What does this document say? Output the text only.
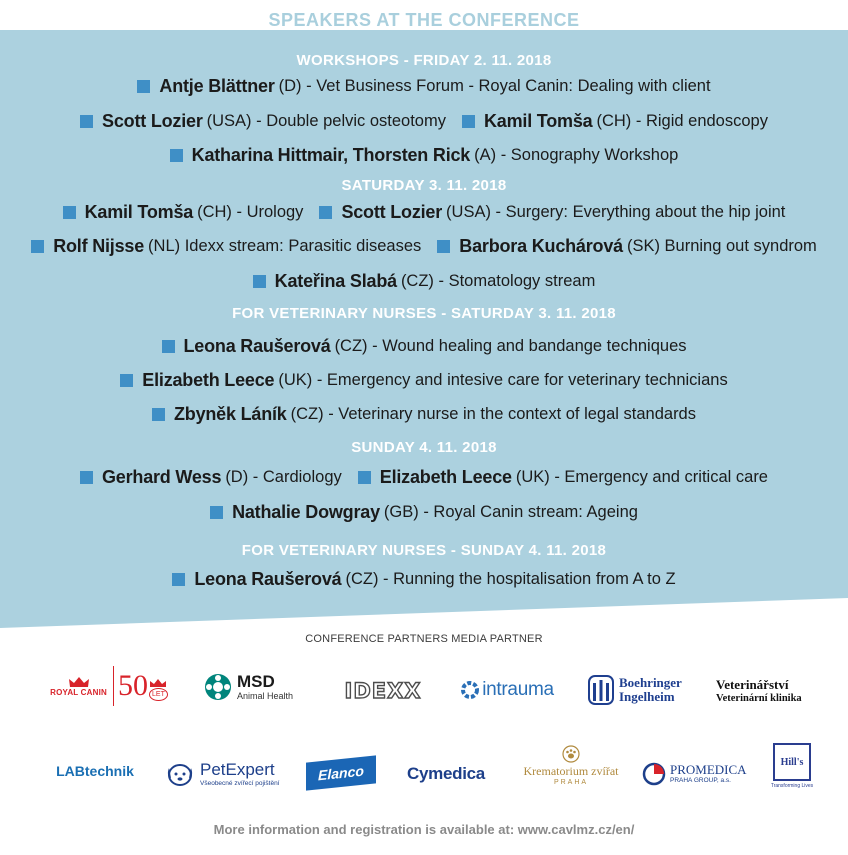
SPEAKERS AT THE CONFERENCE
WORKSHOPS - FRIDAY 2. 11. 2018
SATURDAY 3. 11. 2018
FOR VETERINARY NURSES - SATURDAY 3. 11. 2018
SUNDAY 4. 11. 2018
FOR VETERINARY NURSES - SUNDAY 4. 11. 2018
Antje Blättner (D) - Vet Business Forum - Royal Canin: Dealing with client
Scott Lozier (USA) - Double pelvic osteotomy Kamil Tomša (CH) - Rigid endoscopy
Katharina Hittmair, Thorsten Rick (A) - Sonography Workshop
Kamil Tomša (CH) - Urology Scott Lozier (USA) - Surgery: Everything about the hip joint
Rolf Nijsse (NL) Idexx stream: Parasitic diseases Barbora Kuchárová (SK) Burning out syndrom
Kateřina Slabá (CZ) - Stomatology stream
Leona Raušerová (CZ) - Wound healing and bandange techniques
Elizabeth Leece (UK) - Emergency and intesive care for veterinary technicians
Zbyněk Láník (CZ) - Veterinary nurse in the context of legal standards
Gerhard Wess (D) - Cardiology Elizabeth Leece (UK) - Emergency and critical care
Nathalie Dowgray (GB) - Royal Canin stream: Ageing
Leona Raušerová (CZ) - Running the hospitalisation from A to Z
CONFERENCE PARTNERS MEDIA PARTNER
ROYAL CANIN 50 LET
MSD
Animal Health IDEXX	intrauma	Boehringer
Ingelheim
Veterinářství
Veterinární klinika
LABtechnik	PetExpert
Všeobecné zvířecí pojištění	Elanco	Cymedica	Krematorium zvířat
PRAHA
PROMEDICA
PRAHA GROUP, a.s.
Hill's
Transforming Lives
More information and registration is available at: www.cavlmz.cz/en/
